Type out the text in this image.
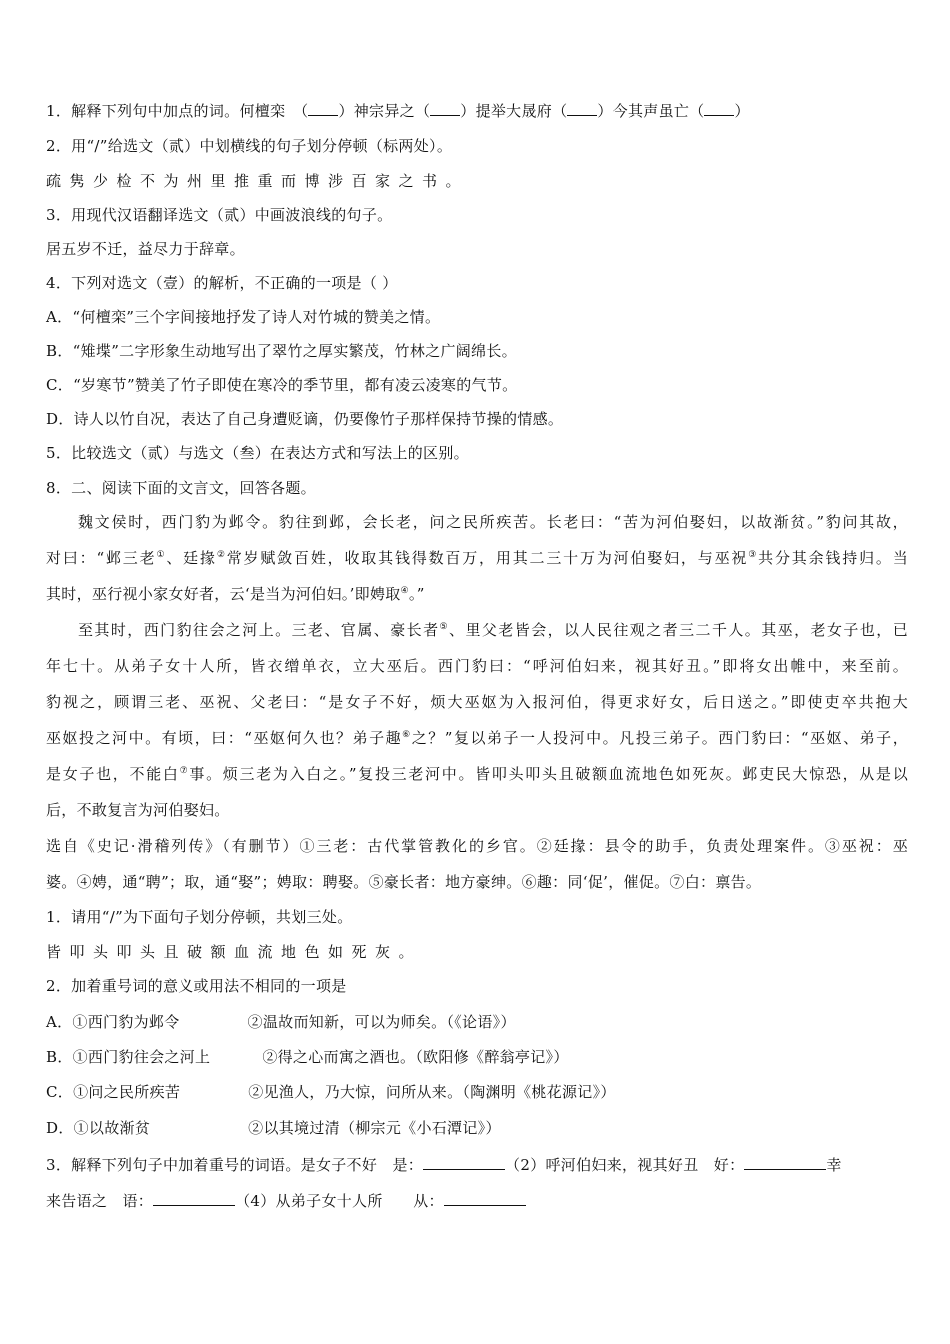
1．解释下列句中加点的词。何檀栾　（ ）神宗异之（ ）提举大晟府（ ）今其声虽亡（ ）
2．用“/”给选文（贰）中划横线的句子划分停顿（标两处）。
疏隽少检不为州里推重而博涉百家之书。
3．用现代汉语翻译选文（贰）中画波浪线的句子。
居五岁不迁，益尽力于辞章。
4．下列对选文（壹）的解析，不正确的一项是（ ）
A．“何檀栾”三个字间接地抒发了诗人对竹城的赞美之情。
B．“雉堞”二字形象生动地写出了翠竹之厚实繁茂，竹林之广阔绵长。
C．“岁寒节”赞美了竹子即使在寒冷的季节里，都有凌云凌寒的气节。
D．诗人以竹自况，表达了自己身遭贬谪，仍要像竹子那样保持节操的情感。
5．比较选文（贰）与选文（叁）在表达方式和写法上的区别。
8．二、阅读下面的文言文，回答各题。
魏文侯时，西门豹为邺令。豹往到邺，会长老，问之民所疾苦。长老曰：“苦为河伯娶妇，以故渐贫。”豹问其故，
对曰：“邺三老①、廷掾②常岁赋敛百姓，收取其钱得数百万，用其二三十万为河伯娶妇，与巫祝③共分其余钱持归。当
其时，巫行视小家女好者，云‘是当为河伯妇。’即娉取④。”
至其时，西门豹往会之河上。三老、官属、豪长者⑤、里父老皆会，以人民往观之者三二千人。其巫，老女子也，已
年七十。从弟子女十人所，皆衣缯单衣，立大巫后。西门豹曰：“呼河伯妇来，视其好丑。”即将女出帷中，来至前。
豹视之，顾谓三老、巫祝、父老曰：“是女子不好，烦大巫妪为入报河伯，得更求好女，后日送之。”即使吏卒共抱大
巫妪投之河中。有顷，曰：“巫妪何久也？弟子趣⑥之？”复以弟子一人投河中。凡投三弟子。西门豹曰：“巫妪、弟子，
是女子也，不能白⑦事。烦三老为入白之。”复投三老河中。皆叩头叩头且破额血流地色如死灰。邺吏民大惊恐，从是以
后，不敢复言为河伯娶妇。
选自《史记·滑稽列传》（有删节）①三老：古代掌管教化的乡官。②廷掾：县令的助手，负责处理案件。③巫祝：巫
婆。④娉，通“聘”；取，通“娶”；娉取：聘娶。⑤豪长者：地方豪绅。⑥趣：同‘促’，催促。⑦白：禀告。
1．请用“/”为下面句子划分停顿，共划三处。
皆叩头叩头且破额血流地色如死灰。
2．加着重号词的意义或用法不相同的一项是
A．①西门豹为邺令	②温故而知新，可以为师矣。（《论语》）
B．①西门豹往会之河上	②得之心而寓之酒也。（欧阳修《醉翁亭记》）
C．①问之民所疾苦	②见渔人，乃大惊，问所从来。（陶渊明《桃花源记》）
D．①以故渐贫	②以其境过清（柳宗元《小石潭记》）
3．解释下列句子中加着重号的词语。是女子不好　是：	（2）呼河伯妇来，视其好丑　好：	幸
来告语之　语：	（4）从弟子女十人所　　从：
